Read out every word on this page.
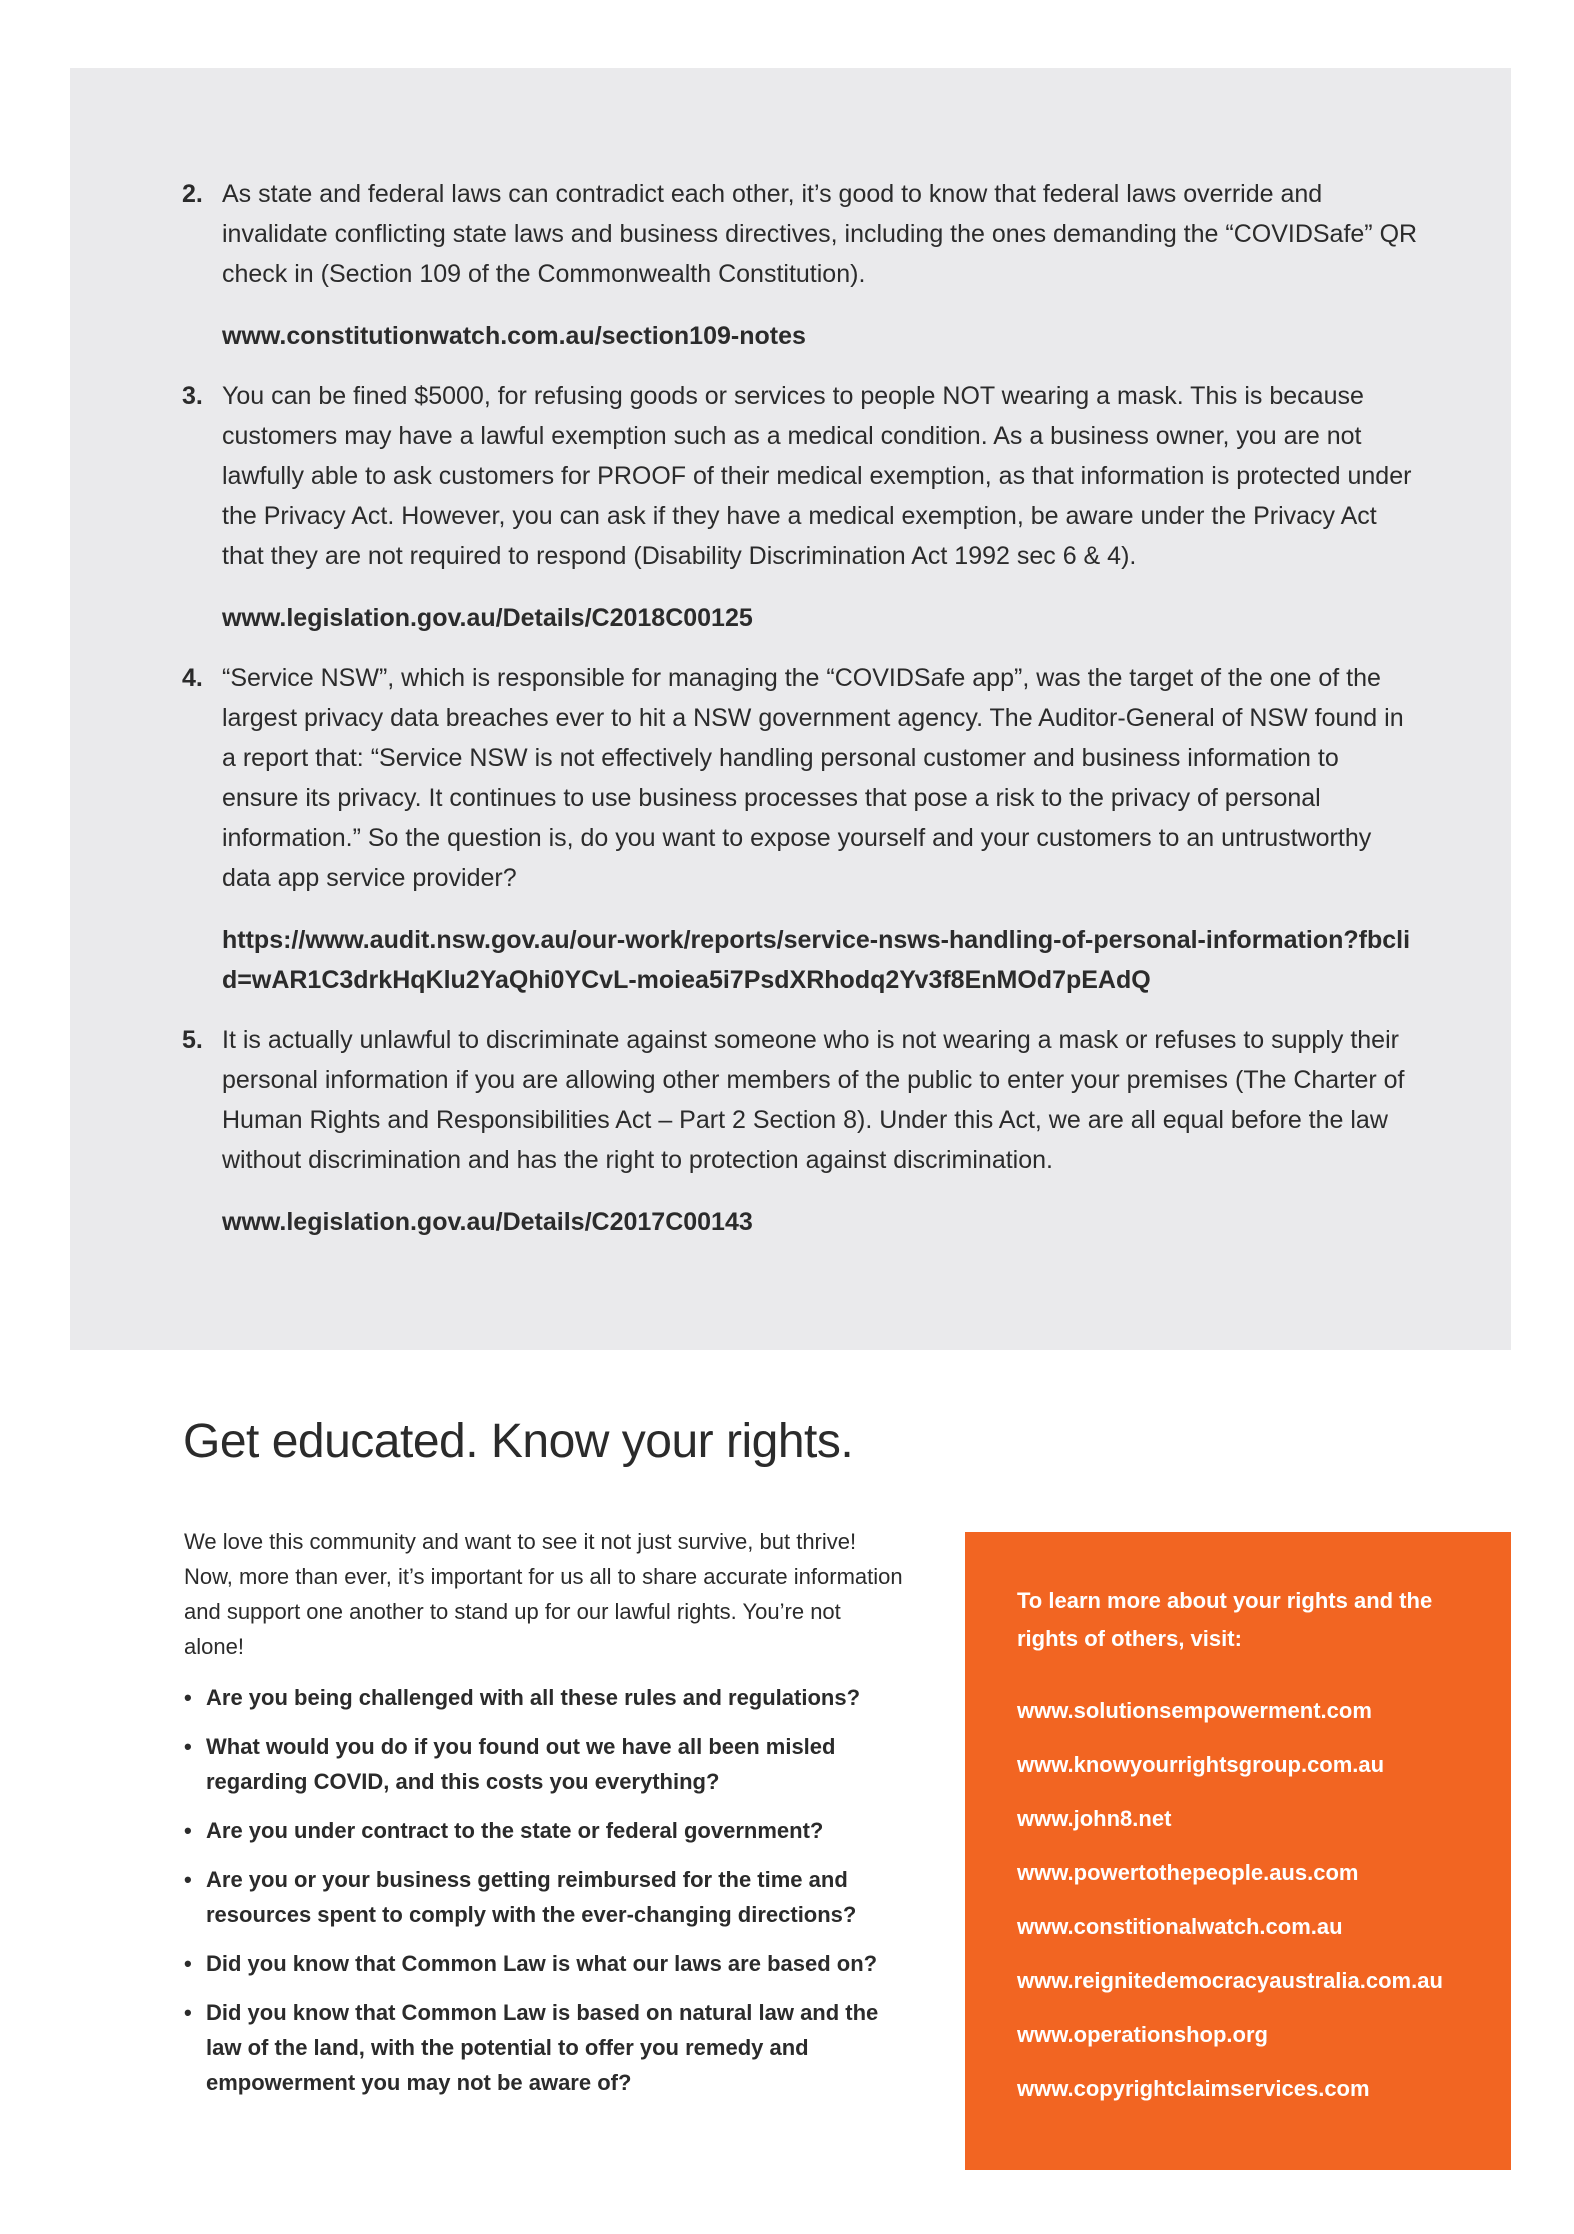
2. As state and federal laws can contradict each other, it’s good to know that federal laws override and invalidate conflicting state laws and business directives, including the ones demanding the “COVIDSafe” QR check in (Section 109 of the Commonwealth Constitution).

www.constitutionwatch.com.au/section109-notes

3. You can be fined $5000, for refusing goods or services to people NOT wearing a mask. This is because customers may have a lawful exemption such as a medical condition. As a business owner, you are not lawfully able to ask customers for PROOF of their medical exemption, as that information is protected under the Privacy Act. However, you can ask if they have a medical exemption, be aware under the Privacy Act that they are not required to respond (Disability Discrimination Act 1992 sec 6 & 4).

www.legislation.gov.au/Details/C2018C00125

4. “Service NSW”, which is responsible for managing the “COVIDSafe app”, was the target of the one of the largest privacy data breaches ever to hit a NSW government agency. The Auditor-General of NSW found in a report that: “Service NSW is not effectively handling personal customer and business information to ensure its privacy. It continues to use business processes that pose a risk to the privacy of personal information.” So the question is, do you want to expose yourself and your customers to an untrustworthy data app service provider?

https://www.audit.nsw.gov.au/our-work/reports/service-nsws-handling-of-personal-information?fbclid=wAR1C3drkHqKlu2YaQhi0YCvL-moiea5i7PsdXRhodq2Yv3f8EnMOd7pEAdQ

5. It is actually unlawful to discriminate against someone who is not wearing a mask or refuses to supply their personal information if you are allowing other members of the public to enter your premises (The Charter of Human Rights and Responsibilities Act – Part 2 Section 8). Under this Act, we are all equal before the law without discrimination and has the right to protection against discrimination.

www.legislation.gov.au/Details/C2017C00143

Get educated. Know your rights.

We love this community and want to see it not just survive, but thrive! Now, more than ever, it’s important for us all to share accurate information and support one another to stand up for our lawful rights. You’re not alone!

• Are you being challenged with all these rules and regulations?
• What would you do if you found out we have all been misled regarding COVID, and this costs you everything?
• Are you under contract to the state or federal government?
• Are you or your business getting reimbursed for the time and resources spent to comply with the ever-changing directions?
• Did you know that Common Law is what our laws are based on?
• Did you know that Common Law is based on natural law and the law of the land, with the potential to offer you remedy and empowerment you may not be aware of?

To learn more about your rights and the rights of others, visit:

www.solutionsempowerment.com
www.knowyourrightsgroup.com.au
www.john8.net
www.powertothepeople.aus.com
www.constitionalwatch.com.au
www.reignitedemocracyaustralia.com.au
www.operationshop.org
www.copyrightclaimservices.com
